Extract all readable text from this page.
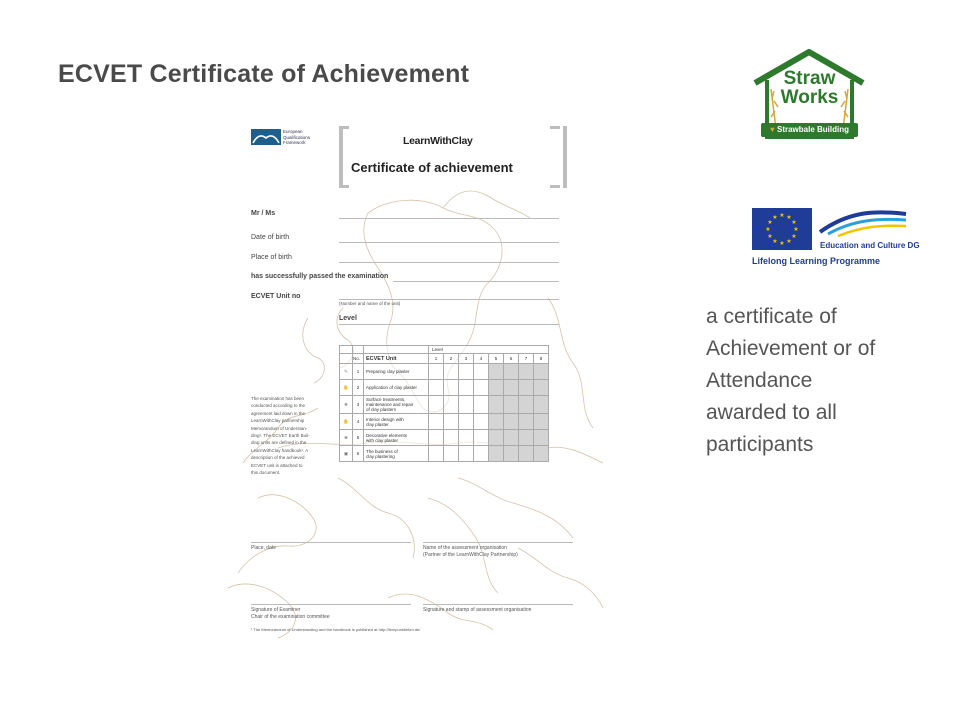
ECVET Certificate of Achievement
European
Qualifications
Framework	LearnWithClay
Certificate of achievement
Mr / Ms
Date of birth
Place of birth
has successfully passed the examination
ECVET Unit no
(Number and name of the unit)
Level
			Level							
	No.	ECVET Unit	1	2	3	4	5	6	7	8
✎	1	Preparing clay plaster								

✋	2	Application of clay plaster								

❖	3	Surface treatments,
maintenance and repair
of clay plasters								

✋	4	Interior design with
clay plaster								

❀	5	Decorative elements
with clay plaster								

▣	6	The business of
clay plastering								

The examination has been
conducted according to the
agreement laid down in the
LearnWithClay partnership
Memorandum of Understan-
ding¹. The ECVET Earth Buil-
ding units are defined in the
LearnWithClay handbook¹. A
description of the achieved
ECVET unit is attached to
this document.
Place, date	Name of the assessment organisation
(Partner of the LearnWithClay Partnership)
Signature of Examiner
Chair of the examination committee
Signature and stamp of assessment organisation
¹ The Memorandum of Understanding and the handbook is published at http://lernpunktlehm.de/
Straw
Works
♥ Strawbale Building
★ ★
★
★
★
★
★
★
★
★
★
★
Education and Culture DG
Lifelong Learning Programme
a certificate of
Achievement or of
Attendance
awarded to all
participants
